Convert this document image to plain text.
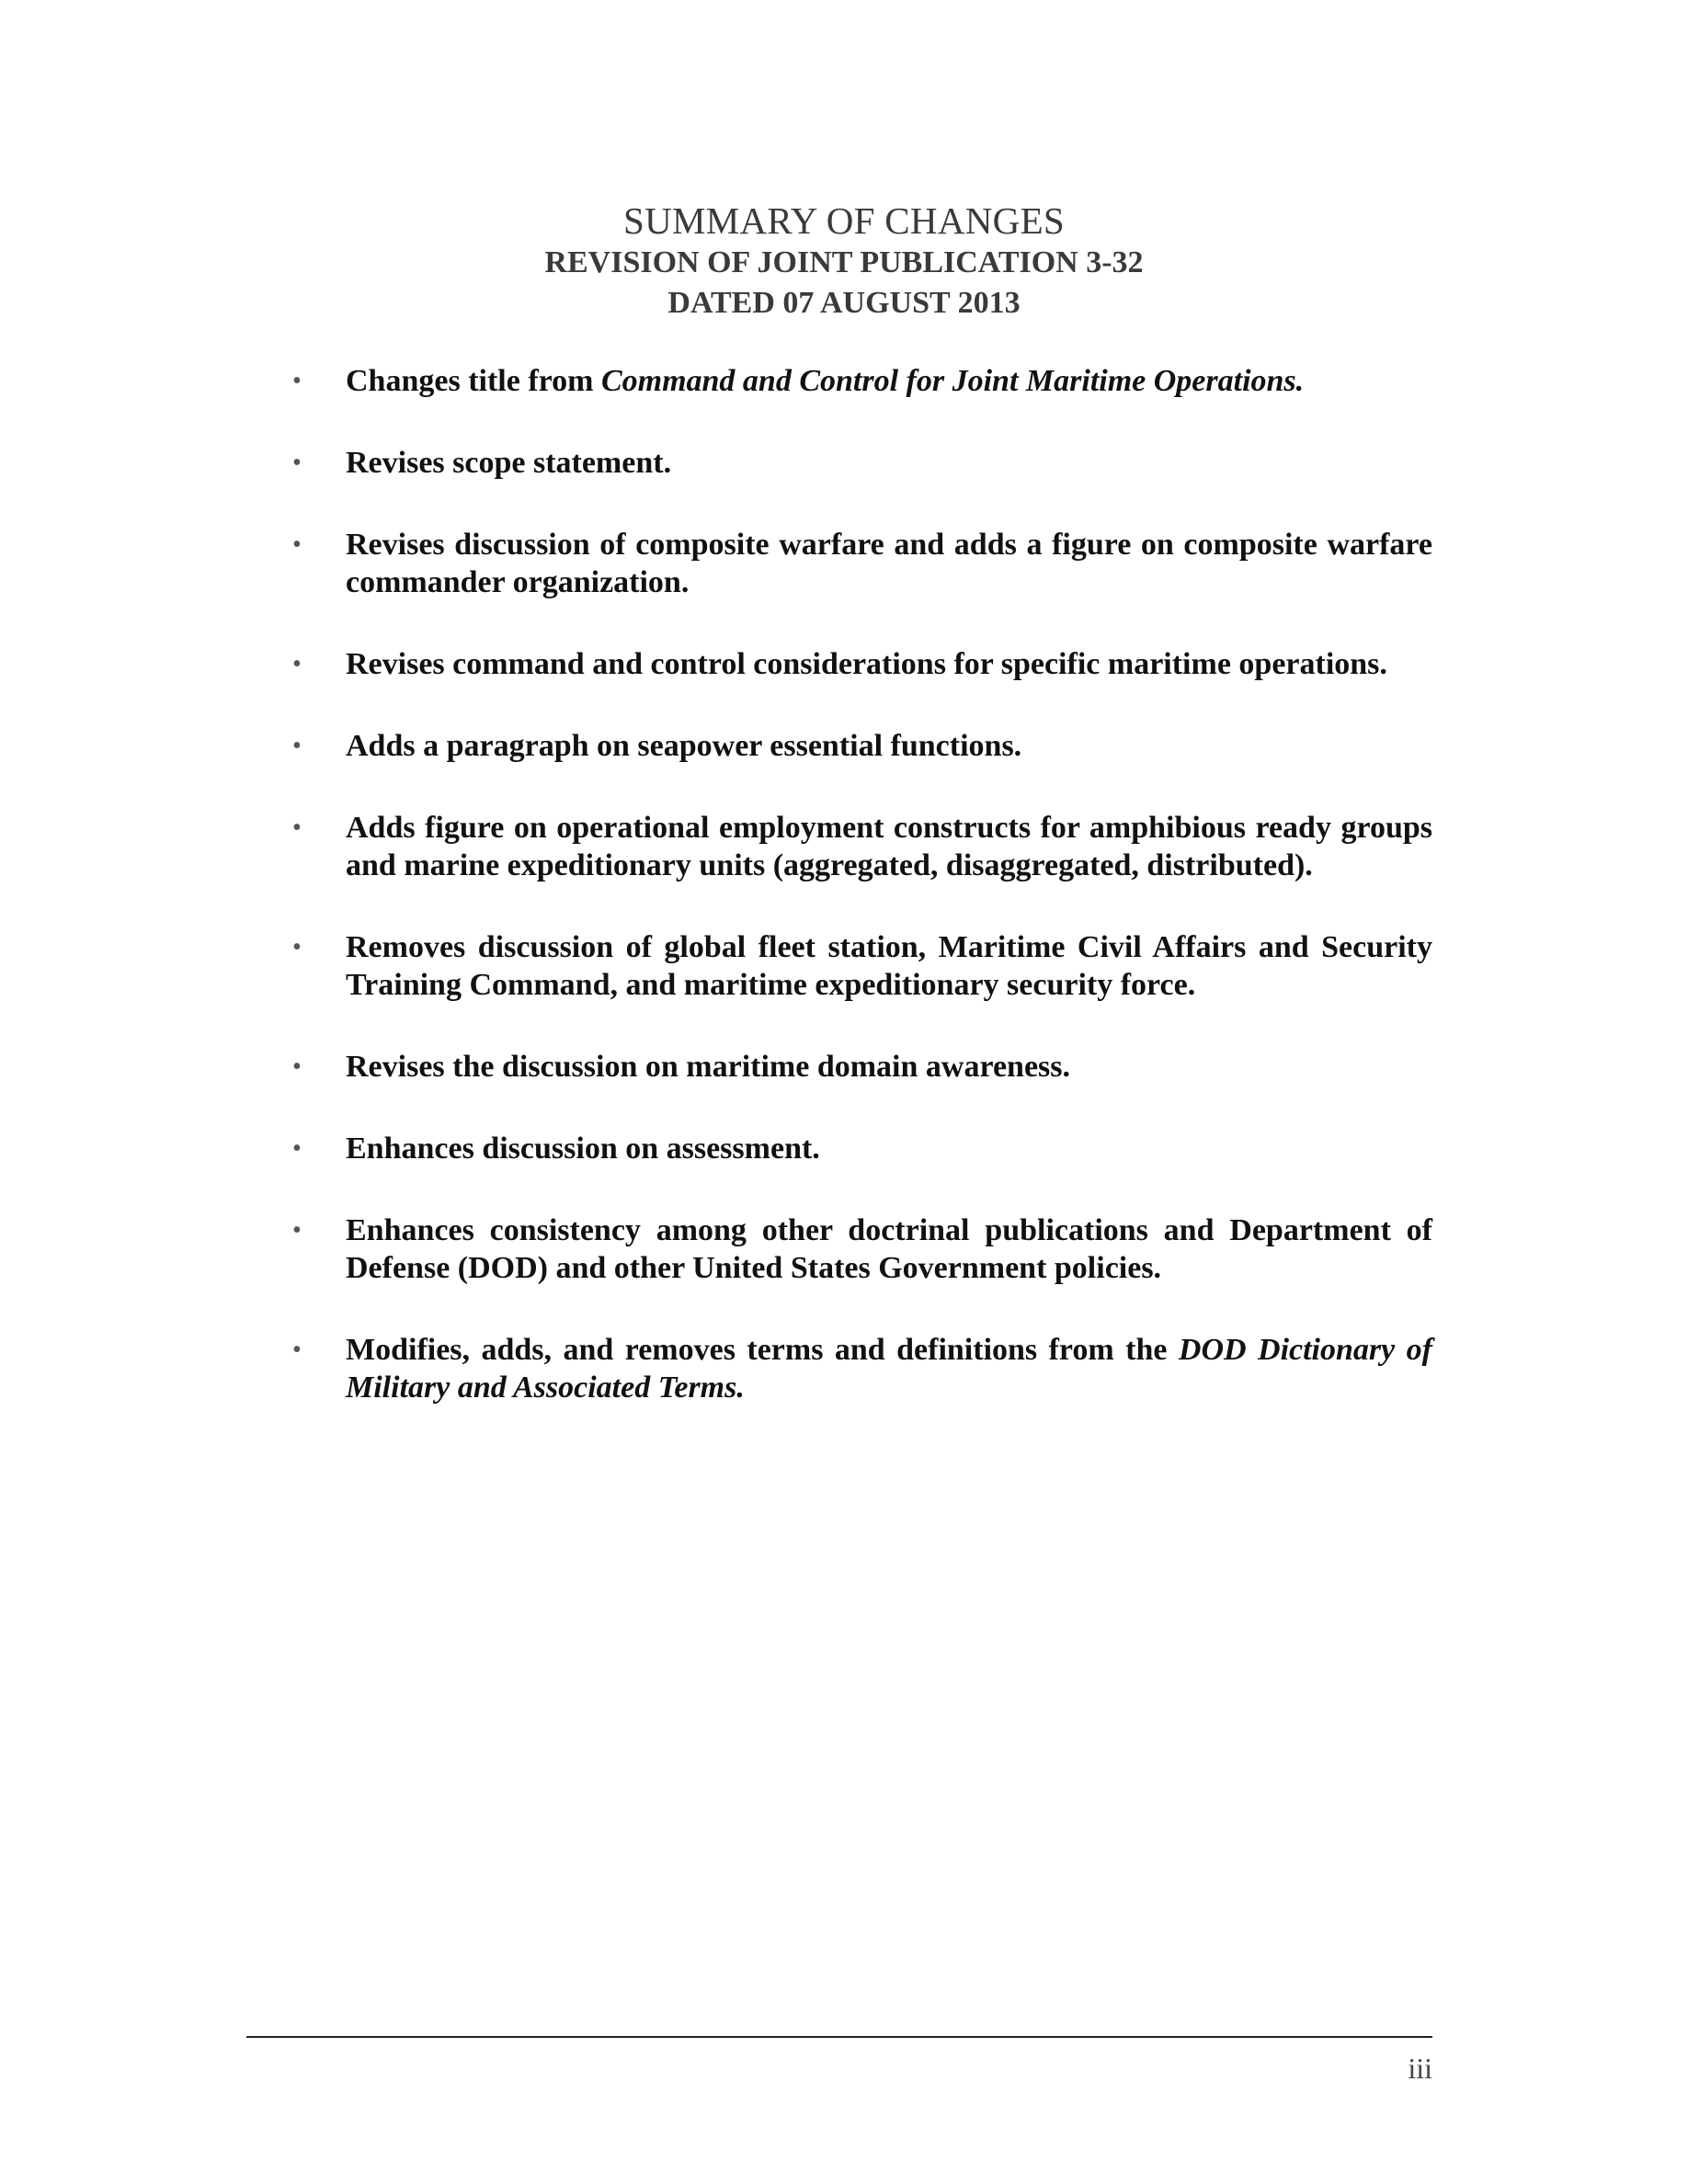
SUMMARY OF CHANGES
REVISION OF JOINT PUBLICATION 3-32
DATED 07 AUGUST 2013
•	Changes title from Command and Control for Joint Maritime Operations.
•	Revises scope statement.
•	Revises discussion of composite warfare and adds a figure on composite warfare commander organization.
•	Revises command and control considerations for specific maritime operations.
•	Adds a paragraph on seapower essential functions.
•	Adds figure on operational employment constructs for amphibious ready groups and marine expeditionary units (aggregated, disaggregated, distributed).
•	Removes discussion of global fleet station, Maritime Civil Affairs and Security Training Command, and maritime expeditionary security force.
•	Revises the discussion on maritime domain awareness.
•	Enhances discussion on assessment.
•	Enhances consistency among other doctrinal publications and Department of Defense (DOD) and other United States Government policies.
•	Modifies, adds, and removes terms and definitions from the DOD Dictionary of Military and Associated Terms.
iii
